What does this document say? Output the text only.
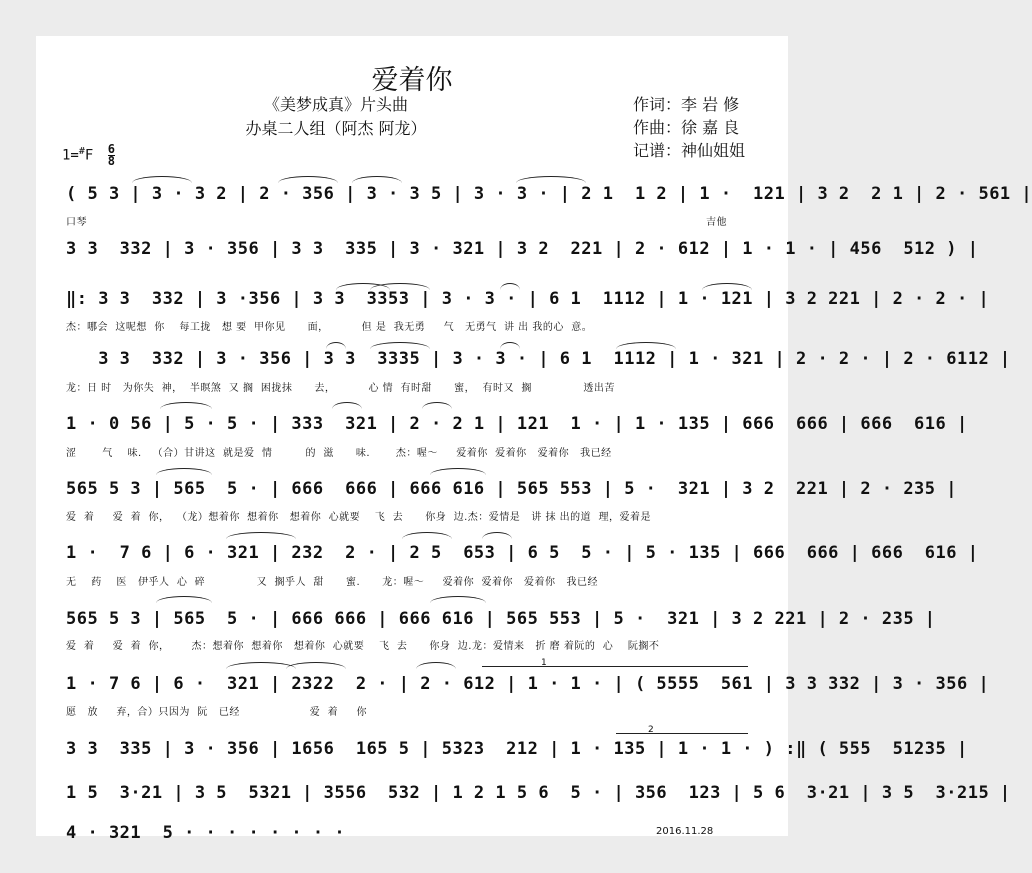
爱着你
《美梦成真》片头曲
办桌二人组（阿杰 阿龙）
作词：李 岩 修
作曲：徐 嘉 良
记谱：神仙姐姐
$1=^{\#}F \frac{6}{8}$
( 5 3 | 3 · 3 2 | 2 · 356 | 3 · 3 5 | 3 · 3 · | 2 1  1 2 | 1 ·  121 | 3 2  2 1 | 2 · 561 |
口琴	吉他
3 3  332 | 3 · 356 | 3 3  335 | 3 · 321 | 3 2  221 | 2 · 612 | 1 · 1 · | 456  512 ) |
‖: 3 3  332 | 3 ·356 | 3 3  3353 | 3 · 3 · | 6 1  1112 | 1 · 121 | 3 2 221 | 2 · 2 · |
杰：哪会  这呢想  你    每工拢   想 要  甲你见      面，         但 是  我无勇     气   无勇气  讲 出 我的心  意。
3 3  332 | 3 · 356 | 3 3  3335 | 3 · 3 · | 6 1  1112 | 1 · 321 | 2 · 2 · | 2 · 6112 |
龙：日 时   为你失  神，  半暝煞  又 搁  困拢抹      去，         心 情  有时甜      蜜，  有时又  搁              透出苦
1 · 0 56 | 5 · 5 · | 333  321 | 2 · 2 1 | 121  1 · | 1 · 135 | 666  666 | 666  616 |
涩       气    味.   （合）甘讲这  就是爱  情         的  滋      味.       杰：喔～     爱着你  爱着你   爱着你   我已经
565 5 3 | 565  5 · | 666  666 | 666 616 | 565 553 | 5 ·  321 | 3 2  221 | 2 · 235 |
爱  着     爱  着  你，  （龙）想着你  想着你   想着你  心就要    飞  去      你身  边.杰：爱情是   讲 抹 出的道  理，爱着是
1 ·  7 6 | 6 · 321 | 232  2 · | 2 5  653 | 6 5  5 · | 5 · 135 | 666  666 | 666  616 |
无    药    医   伊乎人  心  碎              又  搁乎人  甜      蜜.      龙：喔～     爱着你  爱着你   爱着你   我已经
565 5 3 | 565  5 · | 666 666 | 666 616 | 565 553 | 5 ·  321 | 3 2 221 | 2 · 235 |
爱  着     爱  着  你，      杰：想着你  想着你   想着你  心就要    飞  去      你身  边.龙：爱情来   折 磨 着阮的  心    阮搁不
1
1 · 7 6 | 6 ·  321 | 2322  2 · | 2 · 612 | 1 · 1 · | ( 5555  561 | 3 3 332 | 3 · 356 |
愿   放     弃，合）只因为  阮   已经                   爱  着     你
2
3 3  335 | 3 · 356 | 1656  165 5 | 5323  212 | 1 · 135 | 1 · 1 · ) :‖ ( 555  51235 |
1 5  3·21 | 3 5  5321 | 3556  532 | 1 2 1 5 6  5 · | 356  123 | 5 6  3·21 | 3 5  3·215 |
4 · 321  5 · · · · · · · ·	2016.11.28
